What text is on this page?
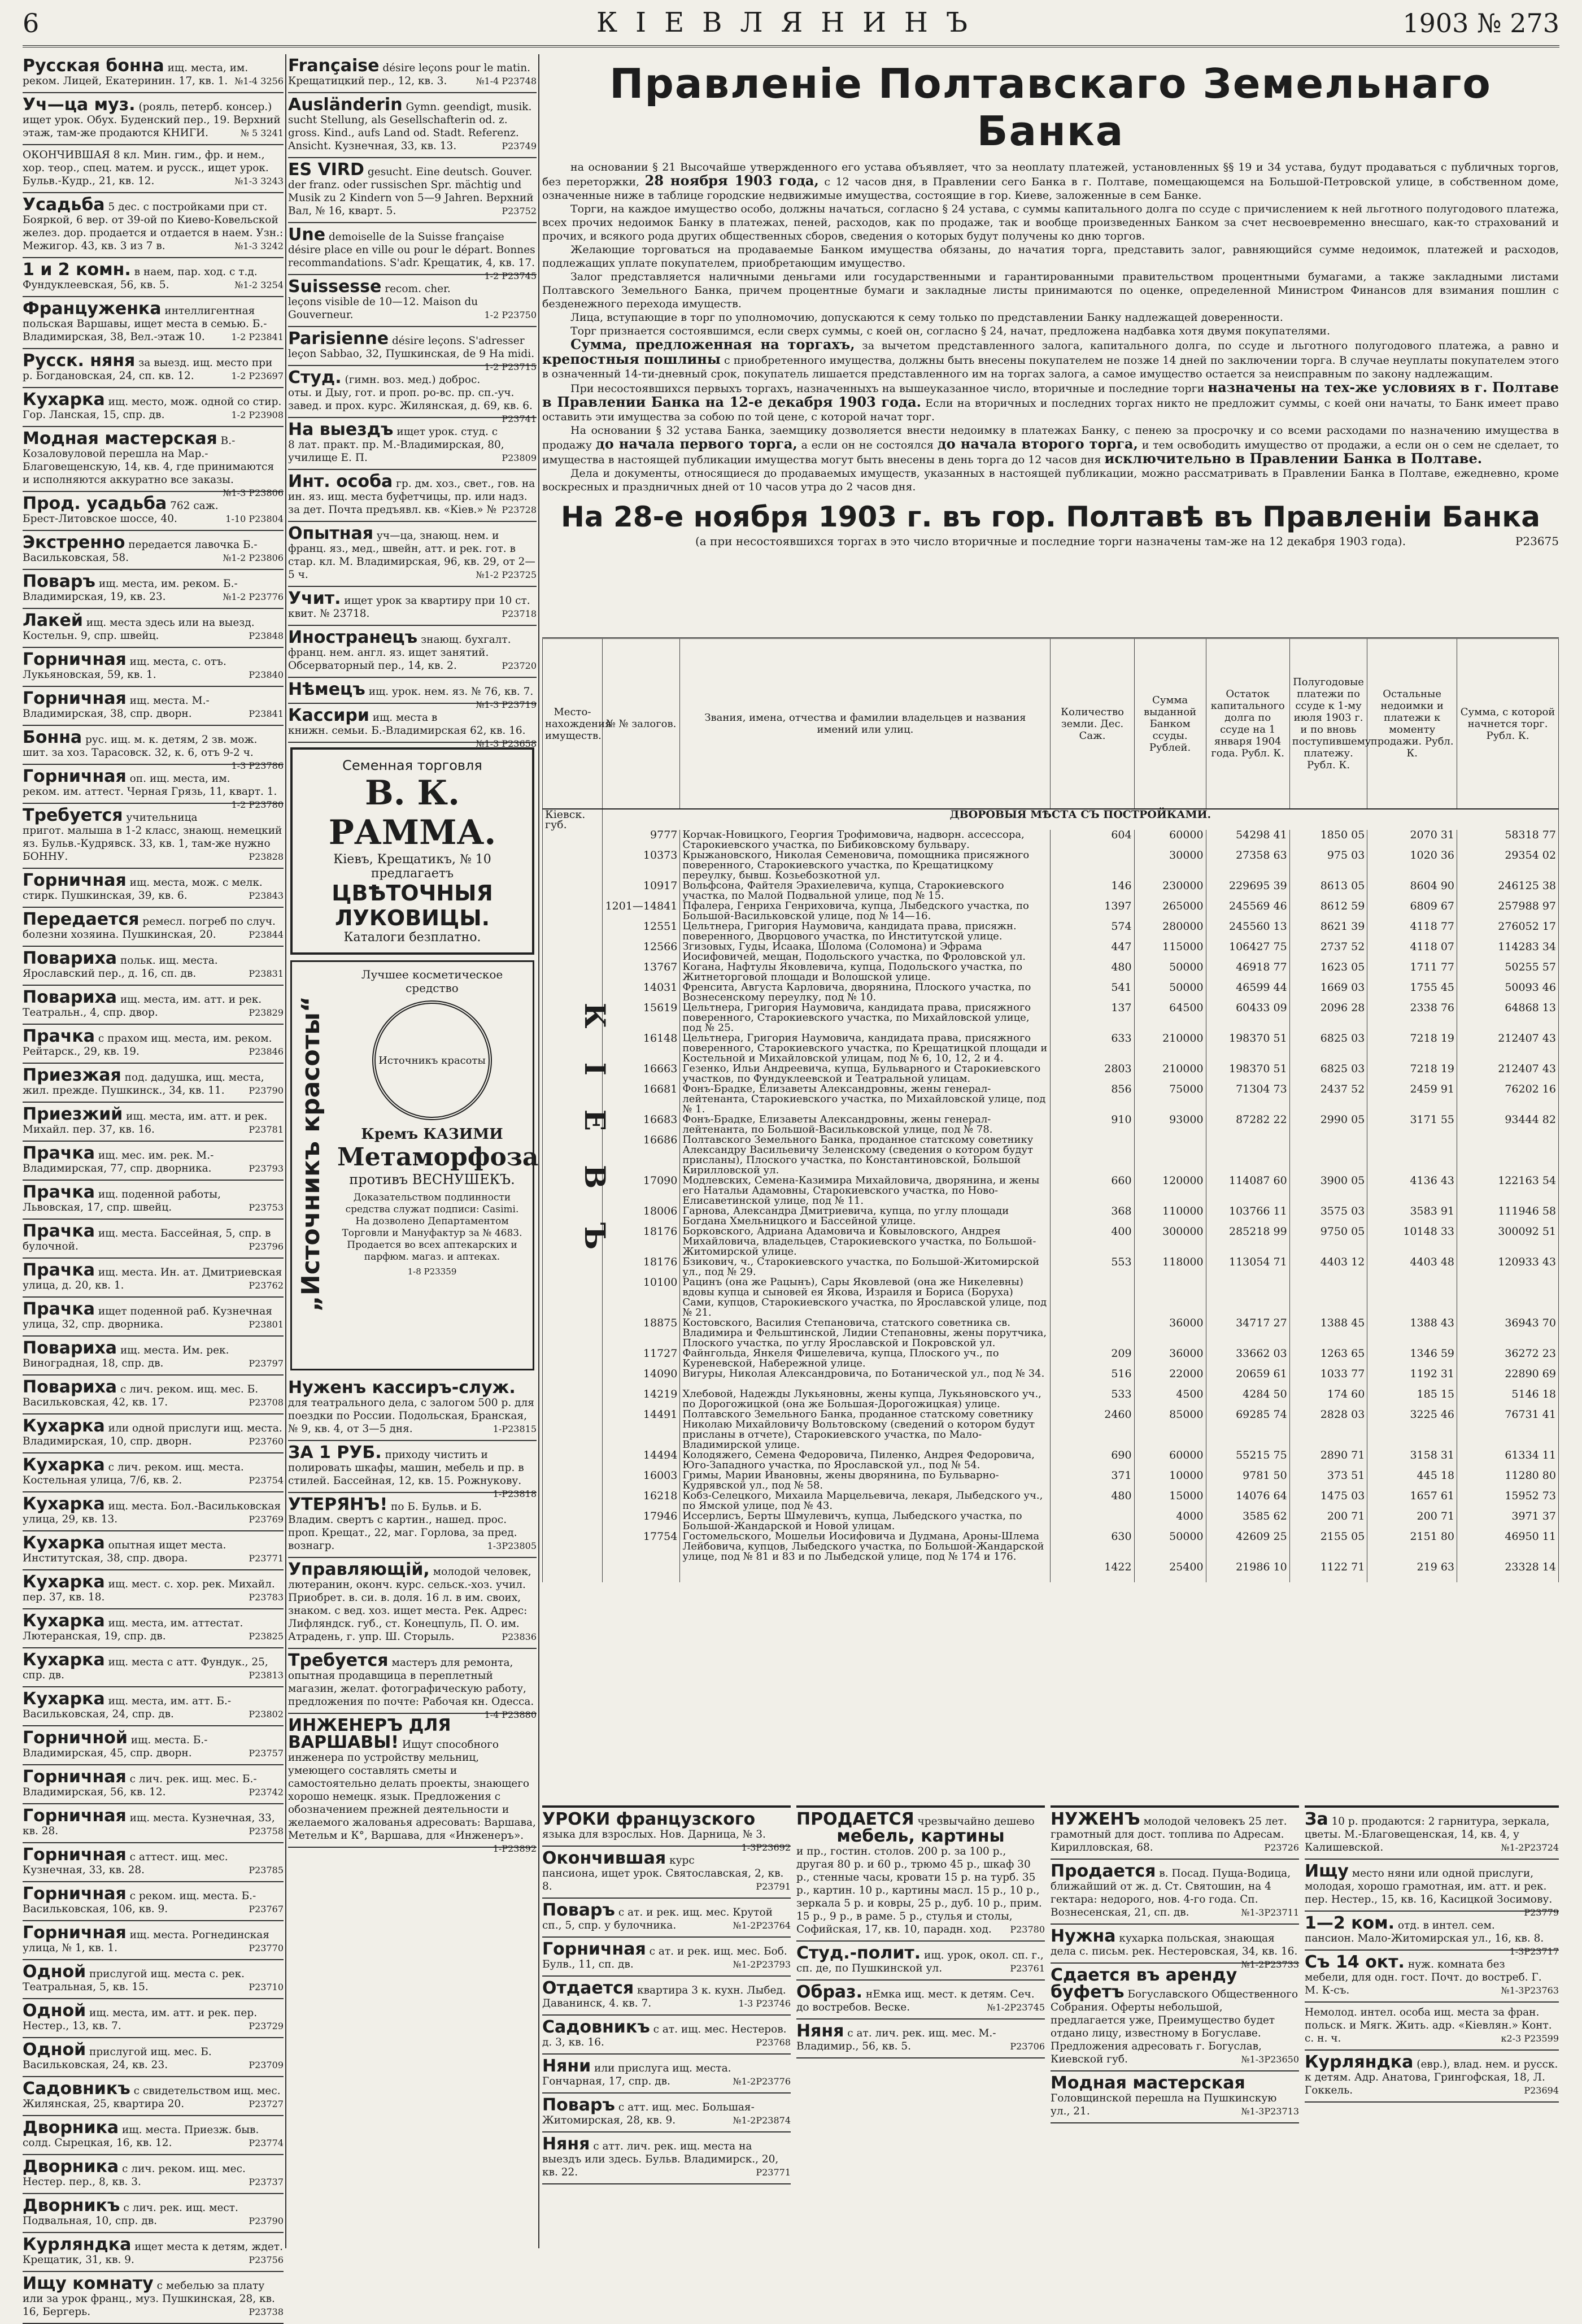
6	КІЕВЛЯНИНЪ	1903 № 273
Русская бонна ищ. места, им. реком. Лицей, Екатеринин. 17, кв. 1. №1-4 3256
Уч—ца муз. (рояль, петерб. консер.) ищет урок. Обух. Буденский пер., 19. Верхний этаж, там-же продаются КНИГИ.	№ 5 3241
ОКОНЧИВШАЯ 8 кл. Мин. гим., фр. и нем., хор. теор., спец. матем. и русск., ищет урок. Бульв.-Кудр., 21, кв. 12.	№1-3 3243
Усадьба 5 дес. с постройками при ст. Бояркой, 6 вер. от 39-ой по Киево-Ковельской желез. дор. продается и отдается в наем. Узн.: Межигор. 43, кв. 3 из 7 в.	№1-3 3242
1 и 2 комн. в наем, пар. ход. с т.д. Фундуклеевская, 56, кв. 5.	№1-2 3254
Француженка интеллигентная польская Варшавы, ищет места в семью. Б.-Владимирская, 38, Вел.-этаж 10.	1-2 Р23841
Русск. няня за выезд. ищ. место при р. Богдановская, 24, сп. кв. 12.	1-2 Р23697
Кухарка ищ. место, мож. одной со стир. Гор. Ланская, 15, спр. дв.	1-2 Р23908
Модная мастерская В.-Козаловуловой перешла на Мар.-Благовещенскую, 14, кв. 4, где принимаются и исполняются аккуратно все заказы.
№1-3 Р23806
Прод. усадьба 762 саж. Брест-Литовское шоссе, 40.	1-10 Р23804
Экстренно передается лавочка Б.-Васильковская, 58.	№1-2 Р23806
Поваръ ищ. места, им. реком. Б.-Владимирская, 19, кв. 23.	№1-2 Р23776
Лакей ищ. места здесь или на выезд. Костельн. 9, спр. швейц.	Р23848
Горничная ищ. места, с. отъ. Лукьяновская, 59, кв. 1.	Р23840
Горничная ищ. места. М.-Владимирская, 38, спр. дворн.	Р23841
Бонна рус. ищ. м. к. детям, 2 зв. мож. шит. за хоз. Тарасовск. 32, к. 6, отъ 9-2 ч.
1-3 Р23786
Горничная оп. ищ. места, им. реком. им. аттест. Черная Грязь, 11, кварт. 1.
1-2 Р23780
Требуется учительница пригот. малыша в 1-2 класс, знающ. немецкий яз. Бульв.-Кудрявск. 33, кв. 1, там-же нужно БОННУ.	Р23828
Горничная ищ. места, мож. с мелк. стирк. Пушкинская, 39, кв. 6.	Р23843
Передается ремесл. погреб по случ. болезни хозяина. Пушкинская, 20.	Р23844
Повариха польк. ищ. места. Ярославский пер., д. 16, сп. дв.	Р23831
Повариха ищ. места, им. атт. и рек. Театральн., 4, спр. двор.	Р23829
Прачка с прахом ищ. места, им. реком. Рейтарск., 29, кв. 19.	Р23846
Приезжая под. дадушка, ищ. места, жил. прежде. Пушкинск., 34, кв. 11.	Р23790
Приезжий ищ. места, им. атт. и рек. Михайл. пер. 37, кв. 16.	Р23781
Прачка ищ. мес. им. рек. М.-Владимирская, 77, спр. дворника.	Р23793
Прачка ищ. поденной работы, Львовская, 17, спр. швейц.	Р23753
Прачка ищ. места. Бассейная, 5, спр. в булочной.	Р23796
Прачка ищ. места. Ин. ат. Дмитриевская улица, д. 20, кв. 1.	Р23762
Прачка ищет поденной раб. Кузнечная улица, 32, спр. дворника.	Р23801
Повариха ищ. места. Им. рек. Виноградная, 18, спр. дв.	Р23797
Повариха с лич. реком. ищ. мес. Б. Васильковская, 42, кв. 17.	Р23708
Кухарка или одной прислуги ищ. места. Владимирская, 10, спр. дворн.	Р23760
Кухарка с лич. реком. ищ. места. Костельная улица, 7/6, кв. 2.	Р23754
Кухарка ищ. места. Бол.-Васильковская улица, 29, кв. 13.	Р23769
Кухарка опытная ищет места. Институтская, 38, спр. двора.	Р23771
Кухарка ищ. мест. с. хор. рек. Михайл. пер. 37, кв. 18.	Р23783
Кухарка ищ. места, им. аттестат. Лютеранская, 19, спр. дв.	Р23825
Кухарка ищ. места с атт. Фундук., 25, спр. дв.	Р23813
Кухарка ищ. места, им. атт. Б.-Васильковская, 24, спр. дв.	Р23802
Горничной ищ. места. Б.-Владимирская, 45, спр. дворн.	Р23757
Горничная с лич. рек. ищ. мес. Б.-Владимирская, 56, кв. 12.	Р23742
Горничная ищ. места. Кузнечная, 33, кв. 28.	Р23758
Горничная с аттест. ищ. мес. Кузнечная, 33, кв. 28.	Р23785
Горничная с реком. ищ. места. Б.-Васильковская, 106, кв. 9.	Р23767
Горничная ищ. места. Рогнединская улица, № 1, кв. 1.	Р23770
Одной прислугой ищ. места с. рек. Театральная, 5, кв. 15.	Р23710
Одной ищ. места, им. атт. и рек. пер. Нестер., 13, кв. 7.	Р23729
Одной прислугой ищ. мес. Б. Васильковская, 24, кв. 23.	Р23709
Садовникъ с свидетельством ищ. мес. Жилянская, 25, квартира 20.	Р23727
Дворника ищ. места. Приезж. быв. солд. Сырецкая, 16, кв. 12.	Р23774
Дворника с лич. реком. ищ. мес. Нестер. пер., 8, кв. 3.	Р23737
Дворникъ с лич. рек. ищ. мест. Подвальная, 10, спр. дв.	Р23790
Курляндка ищет места к детям, ждет. Крещатик, 31, кв. 9.	Р23756
Ищу комнату с мебелью за плату или за урок франц., муз. Пушкинская, 28, кв. 16, Бергерь.	Р23738
Française désire leçons pour le matin. Крещатицкий пер., 12, кв. 3.	№1-4 Р23748
Ausländerin Gymn. geendigt, musik. sucht Stellung, als Gesellschafterin od. z. gross. Kind., aufs Land od. Stadt. Referenz. Ansicht. Кузнечная, 33, кв. 13.	Р23749
ES VIRD gesucht. Eine deutsch. Gouver. der franz. oder russischen Spr. mächtig und Musik zu 2 Kindern von 5—9 Jahren. Верхний Вал, № 16, кварт. 5.	Р23752
Une demoiselle de la Suisse française désire place en ville ou pour le départ. Bonnes recommandations. S'adr. Крещатик, 4, кв. 17.
1-2 Р23745
Suissesse recom. cher. leçons visible de 10—12. Maison du Gouverneur.	1-2 Р23750
Parisienne désire leçons. S'adresser leçon Sabbao, 32, Пушкинская, de 9 Ha midi.
1-2 Р23715
Студ. (гимн. воз. мед.) доброс. оты. и Дыу, гот. и проп. ро-вс. пр. сп.-уч. завед. и прох. курс. Жилянская, д. 69, кв. 6.
Р23741
На выездъ ищет урок. студ. с 8 лат. практ. пр. М.-Владимирская, 80, училище Е. П.	Р23809
Инт. особа гр. дм. хоз., свет., гов. на ин. яз. ищ. места буфетчицы, пр. или надз. за дет. Почта предъявл. кв. «Кiев.» № Р23728
Опытная уч—ца, знающ. нем. и франц. яз., мед., швейн, атт. и рек. гот. в стар. кл. М. Владимирская, 96, кв. 29, от 2—5 ч.	№1-2 Р23725
Учит. ищет урок за квартиру при 10 ст. квит. № 23718.	Р23718
Иностранецъ знающ. бухгалт. франц. нем. англ. яз. ищет занятий. Обсерваторный пер., 14, кв. 2.	Р23720
Нѣмецъ ищ. урок. нем. яз. № 76, кв. 7.
№1-3 Р23719
Кассири ищ. места в книжн. семьи. Б.-Владимирская 62, кв. 16.
№1-3 Р23658
Семенная торговля
В. К. РАММА.
Кiевъ, Крещатикъ, № 10 предлагаетъ
ЦВѢТОЧНЫЯ ЛУКОВИЦЫ.
Каталоги безплатно.
„Источникъ красоты“
Лучшее косметическое средство
Источникъ красоты
Кремъ КАЗИМИ
Метаморфоза
противъ ВЕСНУШЕКЪ.
Доказательством подлинности средства служат подписи: Casimi. На дозволено Департаментом Торговли и Мануфактур за № 4683. Продается во всех аптекарских и парфюм. магаз. и аптеках.
1-8 Р23359
Нуженъ кассиръ-служ. для театрального дела, с залогом 500 р. для поездки по России. Подольская, Бранская, № 9, кв. 4, от 3—5 дня.	1-Р23815
ЗА 1 РУБ. приходу чистить и полировать шкафы, машин, мебель и пр. в стилей. Бассейная, 12, кв. 15. Рожнукову.
1-Р23818
УТЕРЯНЪ! по Б. Бульв. и Б. Владим. свертъ с картин., нашед. прос. проп. Крещат., 22, маг. Горлова, за пред. вознагр.	1-3Р23805
Управляющiй, молодой человек, лютеранин, оконч. курс. сельск.-хоз. учил. Приобрет. в. си. в. доля. 16 л. в им. своих, знаком. с вед. хоз. ищет места. Рек. Адрес: Лифляндск. губ., ст. Конецпуль, П. О. им. Атрадень, г. упр. Ш. Сторыль.	Р23836
Требуется мастеръ для ремонта, опытная продавщица в переплетный магазин, желат. фотографическую работу, предложения по почте: Рабочая кн. Одесса.
1-4 Р23880
ИНЖЕНЕРЪ ДЛЯ ВАРШАВЫ! Ищут способного инженера по устройству мельниц, умеющего составлять сметы и самостоятельно делать проекты, знающего хорошо немецк. язык. Предложения с обозначением прежней деятельности и желаемого жалованья адресовать: Варшава, Метельм и К°, Варшава, для «Инженеръ».
1-Р23892
Правленiе Полтавскаго Земельнаго Банка

на основании § 21 Высочайше утвержденного его устава объявляет, что за неоплату платежей, установленных §§ 19 и 34 устава, будут продаваться с публичных торгов, без переторжки, 28 ноября 1903 года, с 12 часов дня, в Правлении сего Банка в г. Полтаве, помещающемся на Большой-Петровской улице, в собственном доме, означенные ниже в таблице городские недвижимые имущества, состоящие в гор. Киеве, заложенные в сем Банке.

Торги, на каждое имущество особо, должны начаться, согласно § 24 устава, с суммы капитального долга по ссуде с причислением к ней льготного полугодового платежа, всех прочих недоимок Банку в платежах, пеней, расходов, как по продаже, так и вообще произведенных Банком за счет несвоевременно внесшаго, как-то страхований и прочих, и всякого рода других общественных сборов, сведения о которых будут получены ко дню торгов.

Желающие торговаться на продаваемые Банком имущества обязаны, до начатия торга, представить залог, равняющийся сумме недоимок, платежей и расходов, подлежащих уплате покупателем, приобретающим имущество.

Залог представляется наличными деньгами или государственными и гарантированными правительством процентными бумагами, а также закладными листами Полтавского Земельного Банка, причем процентные бумаги и закладные листы принимаются по оценке, определенной Министром Финансов для взимания пошлин с безденежного перехода имуществ.

Лица, вступающие в торг по уполномочию, допускаются к сему только по представлении Банку надлежащей доверенности.

Торг признается состоявшимся, если сверх суммы, с коей он, согласно § 24, начат, предложена надбавка хотя двумя покупателями.

Сумма, предложенная на торгахъ, за вычетом представленного залога, капитального долга, по ссуде и льготного полугодового платежа, а равно и крепостныя пошлины с приобретенного имущества, должны быть внесены покупателем не позже 14 дней по заключении торга. В случае неуплаты покупателем этого в означенный 14-ти-дневный срок, покупатель лишается представленного им на торгах залога, а самое имущество остается за неисправным по закону надлежащим.

При несостоявшихся первыхъ торгахъ, назначенныхъ на вышеуказанное число, вторичные и последние торги назначены на тех-же условиях в г. Полтаве в Правлении Банка на 12-е декабря 1903 года. Если на вторичных и последних торгах никто не предложит суммы, с коей они начаты, то Банк имеет право оставить эти имущества за собою по той цене, с которой начат торг.

На основании § 32 устава Банка, заемщику дозволяется внести недоимку в платежах Банку, с пенею за просрочку и со всеми расходами по назначению имущества в продажу до начала первого торга, а если он не состоялся до начала второго торга, и тем освободить имущество от продажи, а если он о сем не сделает, то имущества в настоящей публикации имущества могут быть внесены в день торга до 12 часов дня исключительно в Правлении Банка в Полтаве.

Дела и документы, относящиеся до продаваемых имуществ, указанных в настоящей публикации, можно рассматривать в Правлении Банка в Полтаве, ежедневно, кроме воскресных и праздничных дней от 10 часов утра до 2 часов дня.

На 28-е ноября 1903 г. въ гор. Полтавѣ въ Правленiи Банка
(а при несостоявшихся торгах в это число вторичные и последние торги назначены там-же на 12 декабря 1903 года).	Р23675
Место-нахождения имуществ.	№ № залогов.	Звания, имена, отчества и фамилии владельцев и названия имений или улиц.	Количество земли. Дес. Саж.	Сумма выданной Банком ссуды. Рублей.	Остаток капитального долга по ссуде на 1 января 1904 года. Рубл. К.	Полугодовые платежи по ссуде к 1-му июля 1903 г. и по вновь поступившему платежу. Рубл. К.	Остальные недоимки и платежи к моменту продажи. Рубл. К.	Сумма, с которой начнется торг. Рубл. К.
Кiевск. губ.	ДВОРОВЫЯ МѢСТА СЪ ПОСТРОЙКАМИ.							
	9777	Корчак-Новицкого, Георгия Трофимовича, надворн. ассессора, Старокиевского участка, по Бибиковскому бульвару.	604	60000	54298 41	1850 05	2070 31	58318 77
	10373	Крыжановского, Николая Семеновича, помощника присяжного поверенного, Старокиевского участка, по Крещатицкому переулку, бывш. Козьебозкотной ул.		30000	27358 63	975 03	1020 36	29354 02
	10917	Вольфсона, Файтеля Эрахиелевича, купца, Старокиевского участка, по Малой Подвальной улице, под № 15.	146	230000	229695 39	8613 05	8604 90	246125 38
	1201—14841	Пфалера, Генриха Генриховича, купца, Лыбедского участка, по Большой-Васильковской улице, под № 14—16.	1397	265000	245569 46	8612 59	6809 67	257988 97
	12551	Цельтнера, Григория Наумовича, кандидата права, присяжн. поверенного, Дворцового участка, по Институтской улице.	574	280000	245560 13	8621 39	4118 77	276052 17
	12566	Згизовых, Гуды, Исаака, Шолома (Соломона) и Эфрама Иосифовичей, мещан, Подольского участка, по Фроловской ул.	447	115000	106427 75	2737 52	4118 07	114283 34
	13767	Когана, Нафтулы Яковлевича, купца, Подольского участка, по Житнеторговой площади и Волошской улице.	480	50000	46918 77	1623 05	1711 77	50255 57
	14031	Френсита, Августа Карловича, дворянина, Плоского участка, по Вознесенскому переулку, под № 10.	541	50000	46599 44	1669 03	1755 45	50093 46
КIЕВЪ	15619	Цельтнера, Григория Наумовича, кандидата права, присяжного поверенного, Старокиевского участка, по Михайловской улице, под № 25.	137	64500	60433 09	2096 28	2338 76	64868 13
	16148	Цельтнера, Григория Наумовича, кандидата права, присяжного поверенного, Старокиевского участка, по Крещатицкой площади и Костельной и Михайловской улицам, под № 6, 10, 12, 2 и 4.	633	210000	198370 51	6825 03	7218 19	212407 43
	16663	Гезенко, Ильи Андреевича, купца, Бульварного и Старокиевского участков, по Фундуклеевской и Театральной улицам.	2803	210000	198370 51	6825 03	7218 19	212407 43
	16681	Фонъ-Брадке, Елизаветы Александровны, жены генерал-лейтенанта, Старокиевского участка, по Михайловской улице, под № 1.	856	75000	71304 73	2437 52	2459 91	76202 16
	16683	Фонъ-Брадке, Елизаветы Александровны, жены генерал-лейтенанта, по Большой-Васильковской улице, под № 78.	910	93000	87282 22	2990 05	3171 55	93444 82
	16686	Полтавского Земельного Банка, проданное статскому советнику Александру Васильевичу Зеленскому (сведения о котором будут присланы), Плоского участка, по Константиновской, Большой Кирилловской ул.						
	17090	Модлевских, Семена-Казимира Михайловича, дворянина, и жены его Натальи Адамовны, Старокиевского участка, по Ново-Елисаветинской улице, под № 11.	660	120000	114087 60	3900 05	4136 43	122163 54
	18006	Гарнова, Александра Дмитриевича, купца, по углу площади Богдана Хмельницкого и Бассейной улице.	368	110000	103766 11	3575 03	3583 91	111946 58
	18176	Борковского, Адриана Адамовича и Ковыловского, Андрея Михайловича, владельцев, Старокиевского участка, по Большой-Житомирской улице.	400	300000	285218 99	9750 05	10148 33	300092 51
	18176	Бзикович, ч., Старокиевского участка, по Большой-Житомирской ул., под № 29.	553	118000	113054 71	4403 12	4403 48	120933 43
	10100	Рацинъ (она же Рацынъ), Сары Яковлевой (она же Никелевны) вдовы купца и сыновей ея Якова, Израиля и Бориса (Боруха) Сами, купцов, Старокиевского участка, по Ярославской улице, под № 21.						
	18875	Костовского, Василия Степановича, статского советника св. Владимира и Фельштинской, Лидии Степановны, жены порутчика, Плоского участка, по углу Ярославской и Покровской ул.		36000	34717 27	1388 45	1388 43	36943 70
	11727	Файнгольда, Янкеля Фишелевича, купца, Плоского уч., по Куреневской, Набережной улице.	209	36000	33662 03	1263 65	1346 59	36272 23
	14090	Вигуры, Николая Александровича, по Ботанической ул., под № 34.	516	22000	20659 61	1033 77	1192 31	22890 69
	14219	Хлебовой, Надежды Лукьяновны, жены купца, Лукьяновского уч., по Дорогожицкой (она же Большая-Дорогожицкая) улице.	533	4500	4284 50	174 60	185 15	5146 18
	14491	Полтавского Земельного Банка, проданное статскому советнику Николаю Михайловичу Вольтовскому (сведений о котором будут присланы в отчете), Старокиевского участка, по Мало-Владимирской улице.	2460	85000	69285 74	2828 03	3225 46	76731 41
	14494	Колодяжего, Семена Федоровича, Пиленко, Андрея Федоровича, Юго-Западного участка, по Ярославской ул., под № 54.	690	60000	55215 75	2890 71	3158 31	61334 11
	16003	Гримы, Марии Ивановны, жены дворянина, по Бульварно-Кудрявской ул., под № 58.	371	10000	9781 50	373 51	445 18	11280 80
	16218	Кобз-Селецкого, Михаила Марцельевича, лекаря, Лыбедского уч., по Ямской улице, под № 43.	480	15000	14076 64	1475 03	1657 61	15952 73
	17946	Иссерлисъ, Берты Шмулевичъ, купца, Лыбедского участка, по Большой-Жандарской и Новой улицам.		4000	3585 62	200 71	200 71	3971 37
	17754	Гостомельского, Мошельи Иосифовича и Дудмана, Ароны-Шлема Лейбовича, купцов, Лыбедского участка, по Большой-Жандарской улице, под № 81 и 83 и по Лыбедской улице, под № 174 и 176.	630	50000	42609 25	2155 05	2151 80	46950 11
			1422	25400	21986 10	1122 71	219 63	23328 14
УРОКИ французского языка для взрослых. Нов. Дарница, № 3.
1-3Р23692
Окончившая курс пансиона, ищет урок. Святославская, 2, кв. 8.	Р23791
Поваръ с ат. и рек. ищ. мес. Крутой сп., 5, спр. у булочника.	№1-2Р23764
Горничная с ат. и рек. ищ. мес. Боб. Булв., 11, сп. дв.	№1-2Р23793
Отдается квартира 3 к. кухн. Лыбед. Даванинск, 4. кв. 7.	1-3 Р23746
Садовникъ с ат. ищ. мес. Нестеров. д. 3, кв. 16.	Р23768
Няни или прислуга ищ. места. Гончарная, 17, спр. дв.	№1-2Р23776
Поваръ с атт. ищ. мес. Большая-Житомирская, 28, кв. 9.	№1-2Р23874
Няня с атт. лич. рек. ищ. места на выездъ или здесь. Бульв. Владимирск., 20, кв. 22.	Р23771
ПРОДАЕТСЯ чрезвычайно дешево
мебель, картины
и пр., гостин. столов. 200 р. за 100 р., другая 80 р. и 60 р., трюмо 45 р., шкаф 30 р., стенные часы, кровати 15 р. на турб. 35 р., картин. 10 р., картины масл. 15 р., 10 р., зеркала 5 р. и ковры, 25 р., дуб. 10 р., прим. 15 р., 9 р., в раме. 5 р., стулья и столы, Софийская, 17, кв. 10, парадн. ход. Р23780
Студ.-полит. ищ. урок, окол. сп. г., сп. де, по Пушкинской ул.	Р23761
Образ. нЕмка ищ. мест. к детям. Сеч. до востребов. Веске.	№1-2Р23745
Няня с ат. лич. рек. ищ. мес. М.-Владимир., 56, кв. 5.	Р23706
НУЖЕНЪ молодой человекъ 25 лет. грамотный для дост. топлива по Адресам. Кирилловская, 68.	Р23726
Продается в. Посад. Пуща-Водица, ближайший от ж. д. Ст. Святошин, на 4 гектара: недорого, нов. 4-го года. Сп. Вознесенская, 21, сп. дв.	№1-3Р23711
Нужна кухарка польская, знающая дела с. письм. рек. Нестеровская, 34, кв. 16.
№1-2Р23733
Сдается въ аренду буфетъ Богуславского Общественного Собрания. Оферты небольшой, предлагается уже, Преимущество будет отдано лицу, известному в Богуславе. Предложения адресовать г. Богуслав, Киевской губ.	№1-3Р23650
Модная мастерская Головщинской перешла на Пушкинскую ул., 21.	№1-3Р23713
За 10 р. продаются: 2 гарнитура, зеркала, цветы. М.-Благовещенская, 14, кв. 4, у Калишевской.	№1-2Р23724
Ищу место няни или одной прислуги, молодая, хорошо грамотная, им. атт. и рек. пер. Нестер., 15, кв. 16, Касицкой Зосимову.
Р23779
1—2 ком. отд. в интел. сем. пансион. Мало-Житомирская ул., 16, кв. 8.
1-3Р23717
Съ 14 окт. нуж. комната без мебели, для одн. гост. Почт. до востреб. Г. М. К-съ.	№1-3Р23763
Немолод. интел. особа ищ. места за фран. польск. и Мягк. Жить. адр. «Кiевлян.» Конт. с. н. ч.	к2-3 Р23599
Курляндка (евр.), влад. нем. и русск. к детям. Адр. Анатова, Грингофская, 18, Л. Гоккель.	Р23694
